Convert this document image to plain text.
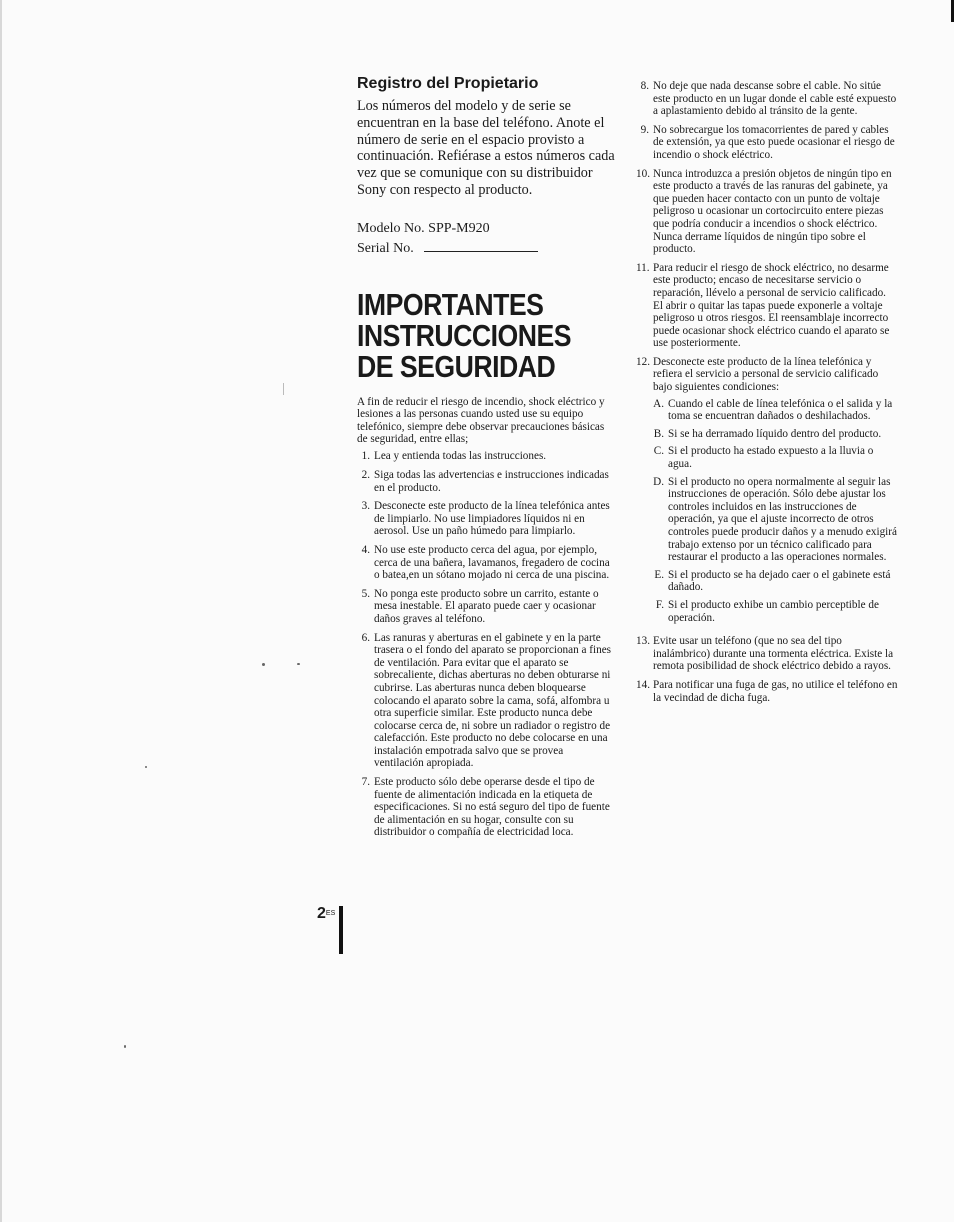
Registro del Propietario

Los números del modelo y de serie se encuentran en la base del teléfono. Anote el número de serie en el espacio provisto a continuación. Refiérase a estos números cada vez que se comunique con su distribuidor Sony con respecto al producto.

Modelo No. SPP-M920
Serial No.
IMPORTANTES
INSTRUCCIONES
DE SEGURIDAD

A fin de reducir el riesgo de incendio, shock eléctrico y lesiones a las personas cuando usted use su equipo telefónico, siempre debe observar precauciones básicas de seguridad, entre ellas;

1. Lea y entienda todas las instrucciones.
2. Siga todas las advertencias e instrucciones indicadas en el producto.
3. Desconecte este producto de la línea telefónica antes de limpiarlo. No use limpiadores líquidos ni en aerosol. Use un paño húmedo para limpiarlo.
4. No use este producto cerca del agua, por ejemplo, cerca de una bañera, lavamanos, fregadero de cocina o batea,en un sótano mojado ni cerca de una piscina.
5. No ponga este producto sobre un carrito, estante o mesa inestable. El aparato puede caer y ocasionar daños graves al teléfono.
6. Las ranuras y aberturas en el gabinete y en la parte trasera o el fondo del aparato se proporcionan a fines de ventilación. Para evitar que el aparato se sobrecaliente, dichas aberturas no deben obturarse ni cubrirse. Las aberturas nunca deben bloquearse colocando el aparato sobre la cama, sofá, alfombra u otra superficie similar. Este producto nunca debe colocarse cerca de, ni sobre un radiador o registro de calefacción. Este producto no debe colocarse en una instalación empotrada salvo que se provea ventilación apropiada.
7. Este producto sólo debe operarse desde el tipo de fuente de alimentación indicada en la etiqueta de especificaciones. Si no está seguro del tipo de fuente de alimentación en su hogar, consulte con su distribuidor o compañía de electricidad loca.
8. No deje que nada descanse sobre el cable. No sitúe este producto en un lugar donde el cable esté expuesto a aplastamiento debido al tránsito de la gente.
9. No sobrecargue los tomacorrientes de pared y cables de extensión, ya que esto puede ocasionar el riesgo de incendio o shock eléctrico.
10. Nunca introduzca a presión objetos de ningún tipo en este producto a través de las ranuras del gabinete, ya que pueden hacer contacto con un punto de voltaje peligroso u ocasionar un cortocircuito entere piezas que podría conducir a incendios o shock eléctrico. Nunca derrame líquidos de ningún tipo sobre el producto.
11. Para reducir el riesgo de shock eléctrico, no desarme este producto; encaso de necesitarse servicio o reparación, llévelo a personal de servicio calificado. El abrir o quitar las tapas puede exponerle a voltaje peligroso u otros riesgos. El reensamblaje incorrecto puede ocasionar shock eléctrico cuando el aparato se use posteriormente.
12. Desconecte este producto de la línea telefónica y refiera el servicio a personal de servicio calificado bajo siguientes condiciones:
A. Cuando el cable de línea telefónica o el salida y la toma se encuentran dañados o deshilachados.
B. Si se ha derramado líquido dentro del producto.
C. Si el producto ha estado expuesto a la lluvia o agua.
D. Si el producto no opera normalmente al seguir las instrucciones de operación. Sólo debe ajustar los controles incluidos en las instrucciones de operación, ya que el ajuste incorrecto de otros controles puede producir daños y a menudo exigirá trabajo extenso por un técnico calificado para restaurar el producto a las operaciones normales.
E. Si el producto se ha dejado caer o el gabinete está dañado.
F. Si el producto exhibe un cambio perceptible de operación.
13. Evite usar un teléfono (que no sea del tipo inalámbrico) durante una tormenta eléctrica. Existe la remota posibilidad de shock eléctrico debido a rayos.
14. Para notificar una fuga de gas, no utilice el teléfono en la vecindad de dicha fuga.
$2^{ES}$
